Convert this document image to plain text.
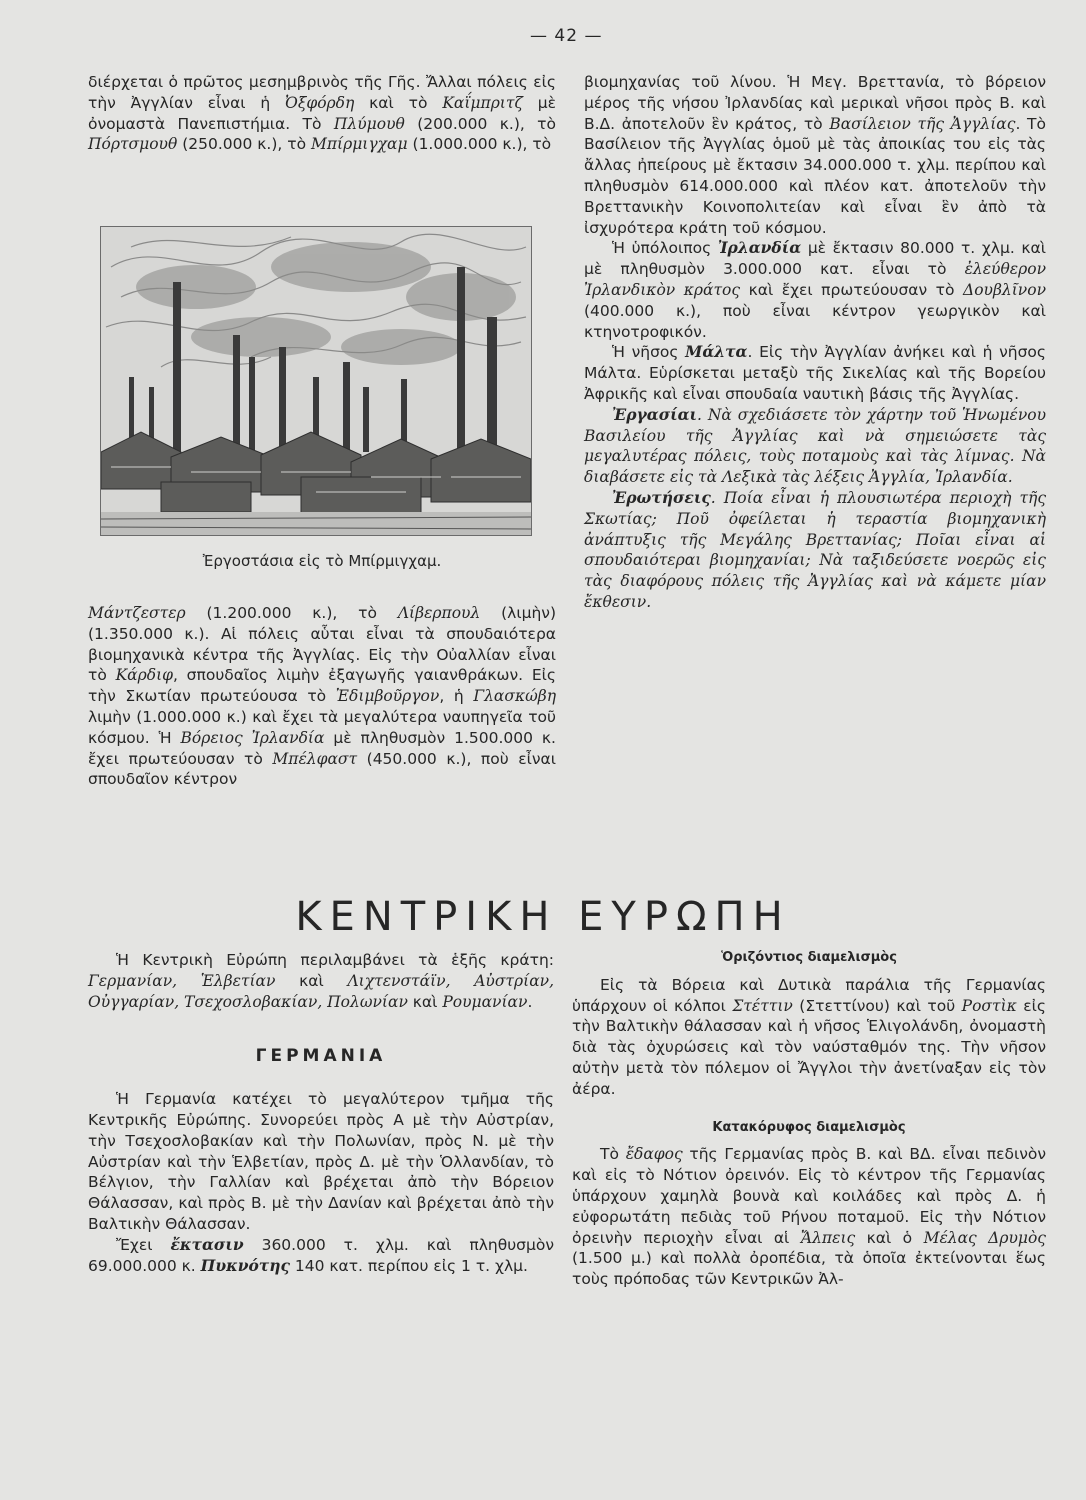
— 42 —

διέρχεται ὁ πρῶτος μεσημβρινὸς τῆς Γῆς. Ἄλλαι πόλεις εἰς τὴν Ἀγγλίαν εἶναι ἡ Ὀξφόρδη καὶ τὸ Καΐμπριτζ μὲ ὀνομαστὰ Πανεπιστήμια. Τὸ Πλύμουθ (200.000 κ.), τὸ Πόρτσμουθ (250.000 κ.), τὸ Μπίρμιγχαμ (1.000.000 κ.), τὸ

Ἐργοστάσια εἰς τὸ Μπίρμιγχαμ.

Μάντζεστερ (1.200.000 κ.), τὸ Λίβερπουλ (λιμὴν) (1.350.000 κ.). Αἱ πόλεις αὗται εἶναι τὰ σπουδαιότερα βιομηχανικὰ κέντρα τῆς Ἀγγλίας. Εἰς τὴν Οὐαλλίαν εἶναι τὸ Κάρδιφ, σπουδαῖος λιμὴν ἐξαγωγῆς γαιανθράκων. Εἰς τὴν Σκωτίαν πρωτεύουσα τὸ Ἐδιμβοῦργον, ἡ Γλασκώβη λιμὴν (1.000.000 κ.) καὶ ἔχει τὰ μεγαλύτερα ναυπηγεῖα τοῦ κόσμου. Ἡ Βόρειος Ἰρλανδία μὲ πληθυσμὸν 1.500.000 κ. ἔχει πρωτεύουσαν τὸ Μπέλφαστ (450.000 κ.), ποὺ εἶναι σπουδαῖον κέντρον

βιομηχανίας τοῦ λίνου. Ἡ Μεγ. Βρεττανία, τὸ βόρειον μέρος τῆς νήσου Ἰρλανδίας καὶ μερικαὶ νῆσοι πρὸς Β. καὶ Β.Δ. ἀποτελοῦν ἓν κράτος, τὸ Βασίλειον τῆς Ἀγγλίας. Τὸ Βασίλειον τῆς Ἀγγλίας ὁμοῦ μὲ τὰς ἀποικίας του εἰς τὰς ἄλλας ἠπείρους μὲ ἔκτασιν 34.000.000 τ. χλμ. περίπου καὶ πληθυσμὸν 614.000.000 καὶ πλέον κατ. ἀποτελοῦν τὴν Βρεττανικὴν Κοινοπολιτείαν καὶ εἶναι ἓν ἀπὸ τὰ ἰσχυρότερα κράτη τοῦ κόσμου.

Ἡ ὑπόλοιπος Ἰρλανδία μὲ ἔκτασιν 80.000 τ. χλμ. καὶ μὲ πληθυσμὸν 3.000.000 κατ. εἶναι τὸ ἐλεύθερον Ἰρλανδικὸν κράτος καὶ ἔχει πρωτεύουσαν τὸ Δουβλῖνον (400.000 κ.), ποὺ εἶναι κέντρον γεωργικὸν καὶ κτηνοτροφικόν.

Ἡ νῆσος Μάλτα. Εἰς τὴν Ἀγγλίαν ἀνήκει καὶ ἡ νῆσος Μάλτα. Εὑρίσκεται μεταξὺ τῆς Σικελίας καὶ τῆς Βορείου Ἀφρικῆς καὶ εἶναι σπουδαία ναυτικὴ βάσις τῆς Ἀγγλίας.

Ἐργασίαι. Νὰ σχεδιάσετε τὸν χάρτην τοῦ Ἡνωμένου Βασιλείου τῆς Ἀγγλίας καὶ νὰ σημειώσετε τὰς μεγαλυτέρας πόλεις, τοὺς ποταμοὺς καὶ τὰς λίμνας. Νὰ διαβάσετε εἰς τὰ Λεξικὰ τὰς λέξεις Ἀγγλία, Ἰρλανδία.

Ἐρωτήσεις. Ποία εἶναι ἡ πλουσιωτέρα περιοχὴ τῆς Σκωτίας; Ποῦ ὀφείλεται ἡ τεραστία βιομηχανικὴ ἀνάπτυξις τῆς Μεγάλης Βρεττανίας; Ποῖαι εἶναι αἱ σπουδαιότεραι βιομηχανίαι; Νὰ ταξιδεύσετε νοερῶς εἰς τὰς διαφόρους πόλεις τῆς Ἀγγλίας καὶ νὰ κάμετε μίαν ἔκθεσιν.

ΚΕΝΤΡΙΚΗ ΕΥΡΩΠΗ

Ἡ Κεντρικὴ Εὐρώπη περιλαμβάνει τὰ ἑξῆς κράτη: Γερμανίαν, Ἑλβετίαν καὶ Λιχτενστάϊν, Αὐστρίαν, Οὐγγαρίαν, Τσεχοσλοβακίαν, Πολωνίαν καὶ Ρουμανίαν.

ΓΕΡΜΑΝΙΑ

Ἡ Γερμανία κατέχει τὸ μεγαλύτερον τμῆμα τῆς Κεντρικῆς Εὐρώπης. Συνορεύει πρὸς Α μὲ τὴν Αὐστρίαν, τὴν Τσεχοσλοβακίαν καὶ τὴν Πολωνίαν, πρὸς Ν. μὲ τὴν Αὐστρίαν καὶ τὴν Ἑλβετίαν, πρὸς Δ. μὲ τὴν Ὁλλανδίαν, τὸ Βέλγιον, τὴν Γαλλίαν καὶ βρέχεται ἀπὸ τὴν Βόρειον Θάλασσαν, καὶ πρὸς Β. μὲ τὴν Δανίαν καὶ βρέχεται ἀπὸ τὴν Βαλτικὴν Θάλασσαν.

Ἔχει ἔκτασιν 360.000 τ. χλμ. καὶ πληθυσμὸν 69.000.000 κ. Πυκνότης 140 κατ. περίπου εἰς 1 τ. χλμ.

Ὁριζόντιος διαμελισμὸς

Εἰς τὰ Βόρεια καὶ Δυτικὰ παράλια τῆς Γερμανίας ὑπάρχουν οἱ κόλποι Στέττιν (Στεττίνου) καὶ τοῦ Ροστὶκ εἰς τὴν Βαλτικὴν θάλασσαν καὶ ἡ νῆσος Ἑλιγολάνδη, ὀνομαστὴ διὰ τὰς ὀχυρώσεις καὶ τὸν ναύσταθμόν της. Τὴν νῆσον αὐτὴν μετὰ τὸν πόλεμον οἱ Ἄγγλοι τὴν ἀνετίναξαν εἰς τὸν ἀέρα.

Κατακόρυφος διαμελισμὸς

Τὸ ἔδαφος τῆς Γερμανίας πρὸς Β. καὶ ΒΔ. εἶναι πεδινὸν καὶ εἰς τὸ Νότιον ὀρεινόν. Εἰς τὸ κέντρον τῆς Γερμανίας ὑπάρχουν χαμηλὰ βουνὰ καὶ κοιλάδες καὶ πρὸς Δ. ἡ εὐφορωτάτη πεδιὰς τοῦ Ρήνου ποταμοῦ. Εἰς τὴν Νότιον ὀρεινὴν περιοχὴν εἶναι αἱ Ἄλπεις καὶ ὁ Μέλας Δρυμὸς (1.500 μ.) καὶ πολλὰ ὀροπέδια, τὰ ὁποῖα ἐκτείνονται ἕως τοὺς πρόποδας τῶν Κεντρικῶν Ἀλ-
